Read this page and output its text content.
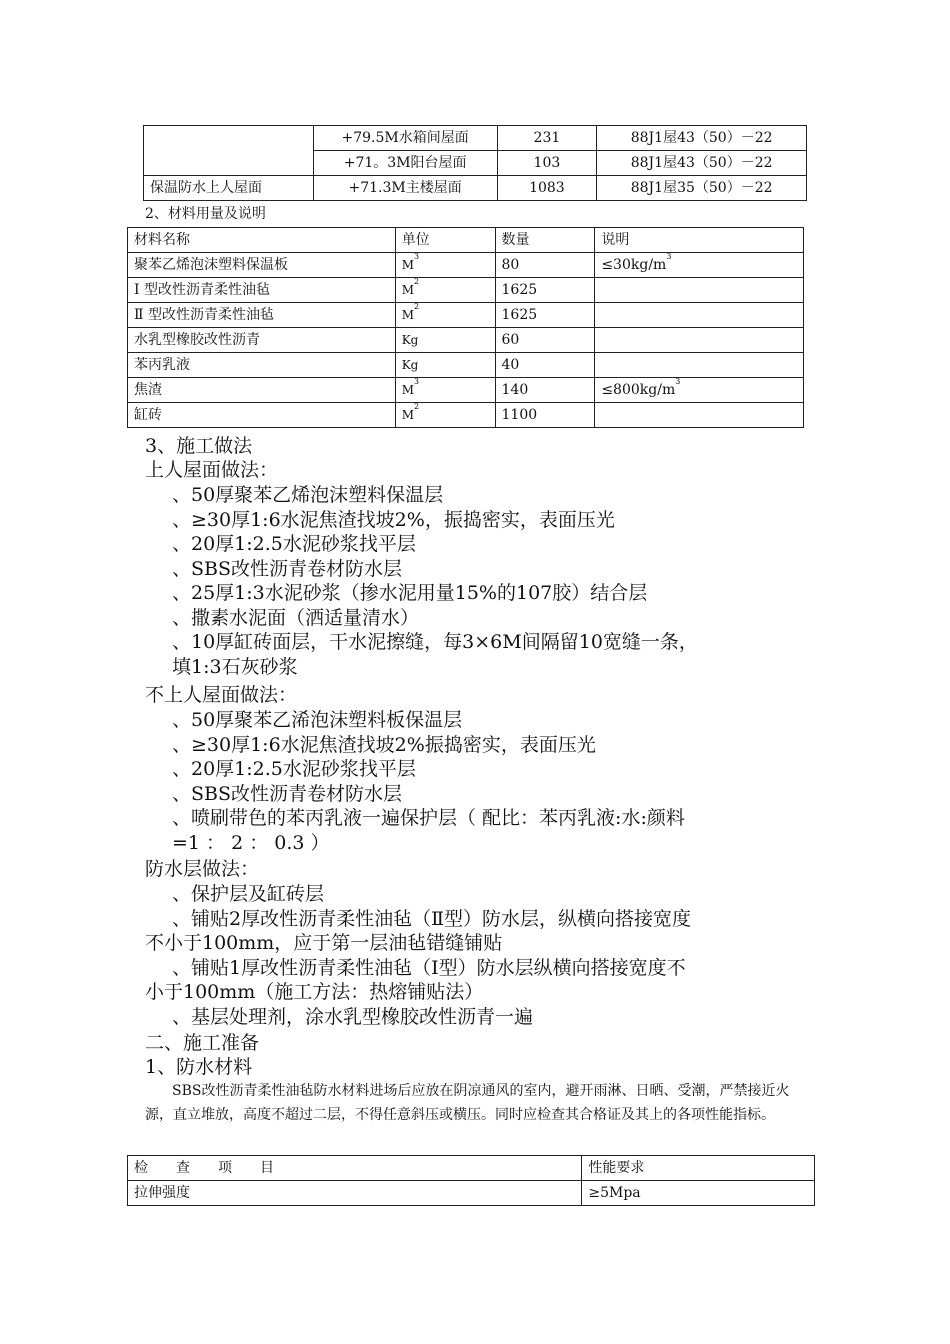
	+79.5M水箱间屋面	231	88J1屋43（50）－22
	+71。3M阳台屋面	103	88J1屋43（50）－22
保温防水上人屋面	+71.3M主楼屋面	1083	88J1屋35（50）－22
2、材料用量及说明
材料名称	单位	数量	说明
聚苯乙烯泡沫塑料保温板	$M^3$	80	$\le 30kg/m^3$
Ⅰ 型改性沥青柔性油毡	$M^2$	1625	
Ⅱ 型改性沥青柔性油毡	$M^2$	1625	
水乳型橡胶改性沥青	Kg	60	
苯丙乳液	Kg	40	
焦渣	$M^3$	140	$\le 800kg/m^3$
缸砖	$M^2$	1100	
3、施工做法
上人屋面做法：
、50厚聚苯乙烯泡沫塑料保温层
、≥30厚1:6水泥焦渣找坡2%，振捣密实，表面压光
、20厚1:2.5水泥砂浆找平层
、SBS改性沥青卷材防水层
、25厚1:3水泥砂浆（掺水泥用量15%的107胶）结合层
、撒素水泥面（洒适量清水）
、10厚缸砖面层，干水泥擦缝，每3×6M间隔留10宽缝一条，
填1:3石灰砂浆
不上人屋面做法：
、50厚聚苯乙浠泡沫塑料板保温层
、≥30厚1:6水泥焦渣找坡2%振捣密实，表面压光
、20厚1:2.5水泥砂浆找平层
、SBS改性沥青卷材防水层
、喷刷带色的苯丙乳液一遍保护层（ 配比：苯丙乳液:水:颜料
=1 ： 2 ： 0.3 ）
防水层做法：
、保护层及缸砖层
、铺贴2厚改性沥青柔性油毡（Ⅱ型）防水层，纵横向搭接宽度
不小于100mm，应于第一层油毡错缝铺贴
、铺贴1厚改性沥青柔性油毡（Ⅰ型）防水层纵横向搭接宽度不
小于100mm（施工方法：热熔铺贴法）
、基层处理剂，涂水乳型橡胶改性沥青一遍
二、施工准备
1、防水材料
SBS改性沥青柔性油毡防水材料进场后应放在阴凉通风的室内，避开雨淋、日晒、受潮，严禁接近火源，直立堆放，高度不超过二层，不得任意斜压或横压。同时应检查其合格证及其上的各项性能指标。
检　　查　　项　　目	性能要求
拉伸强度	≥5Mpa
